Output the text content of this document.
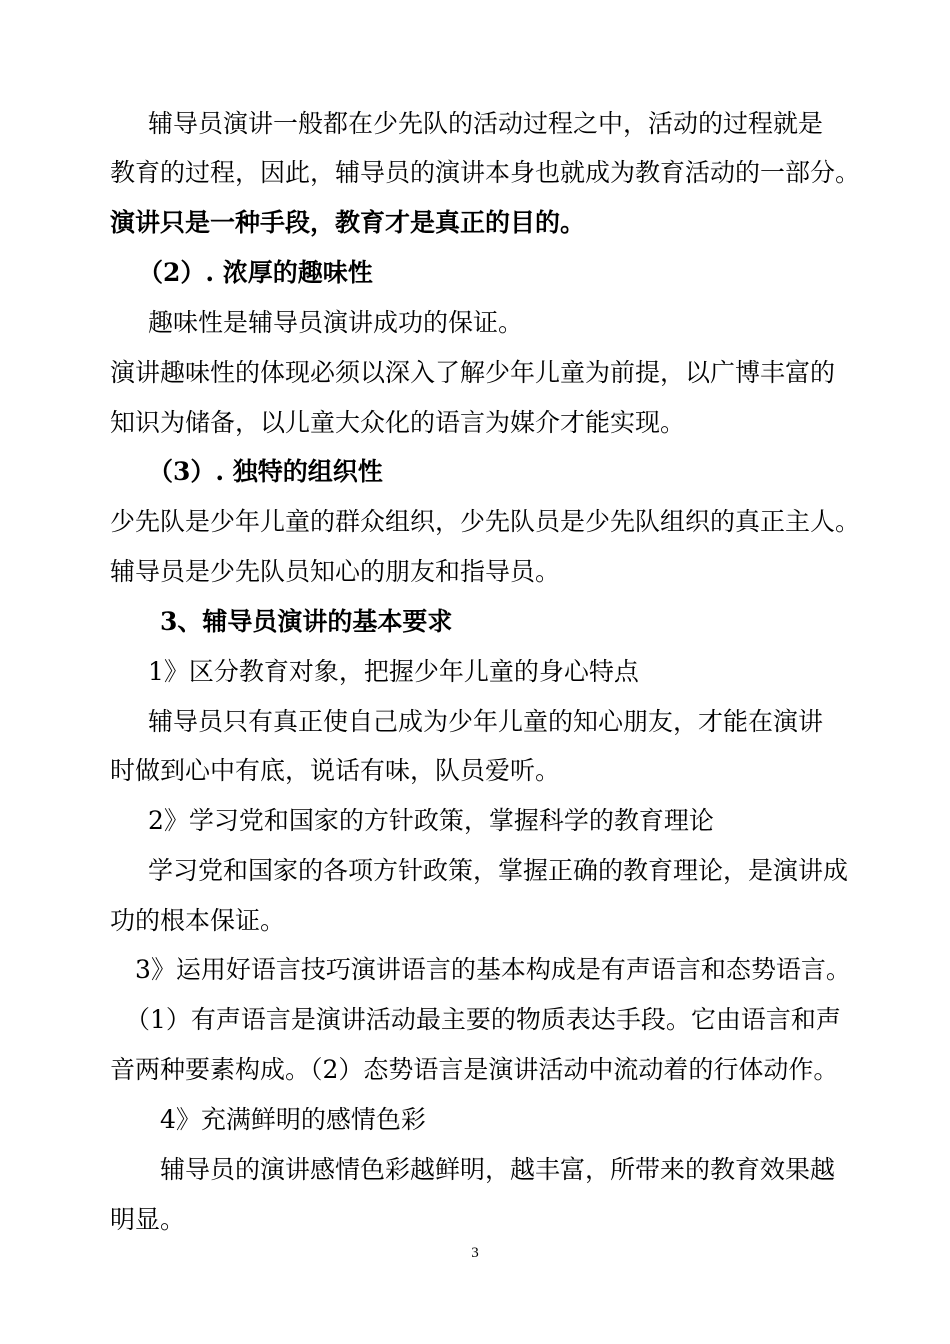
辅导员演讲一般都在少先队的活动过程之中，活动的过程就是
教育的过程，因此，辅导员的演讲本身也就成为教育活动的一部分。
演讲只是一种手段，教育才是真正的目的。
（2）. 浓厚的趣味性
趣味性是辅导员演讲成功的保证。
演讲趣味性的体现必须以深入了解少年儿童为前提，以广博丰富的
知识为储备，以儿童大众化的语言为媒介才能实现。
（3）. 独特的组织性
少先队是少年儿童的群众组织，少先队员是少先队组织的真正主人。
辅导员是少先队员知心的朋友和指导员。
3、辅导员演讲的基本要求
1》区分教育对象，把握少年儿童的身心特点
辅导员只有真正使自己成为少年儿童的知心朋友，才能在演讲
时做到心中有底，说话有味，队员爱听。
2》学习党和国家的方针政策，掌握科学的教育理论
学习党和国家的各项方针政策，掌握正确的教育理论，是演讲成
功的根本保证。
3》运用好语言技巧演讲语言的基本构成是有声语言和态势语言。
（1）有声语言是演讲活动最主要的物质表达手段。它由语言和声
音两种要素构成。（2）态势语言是演讲活动中流动着的行体动作。
4》充满鲜明的感情色彩
辅导员的演讲感情色彩越鲜明，越丰富，所带来的教育效果越
明显。
3
